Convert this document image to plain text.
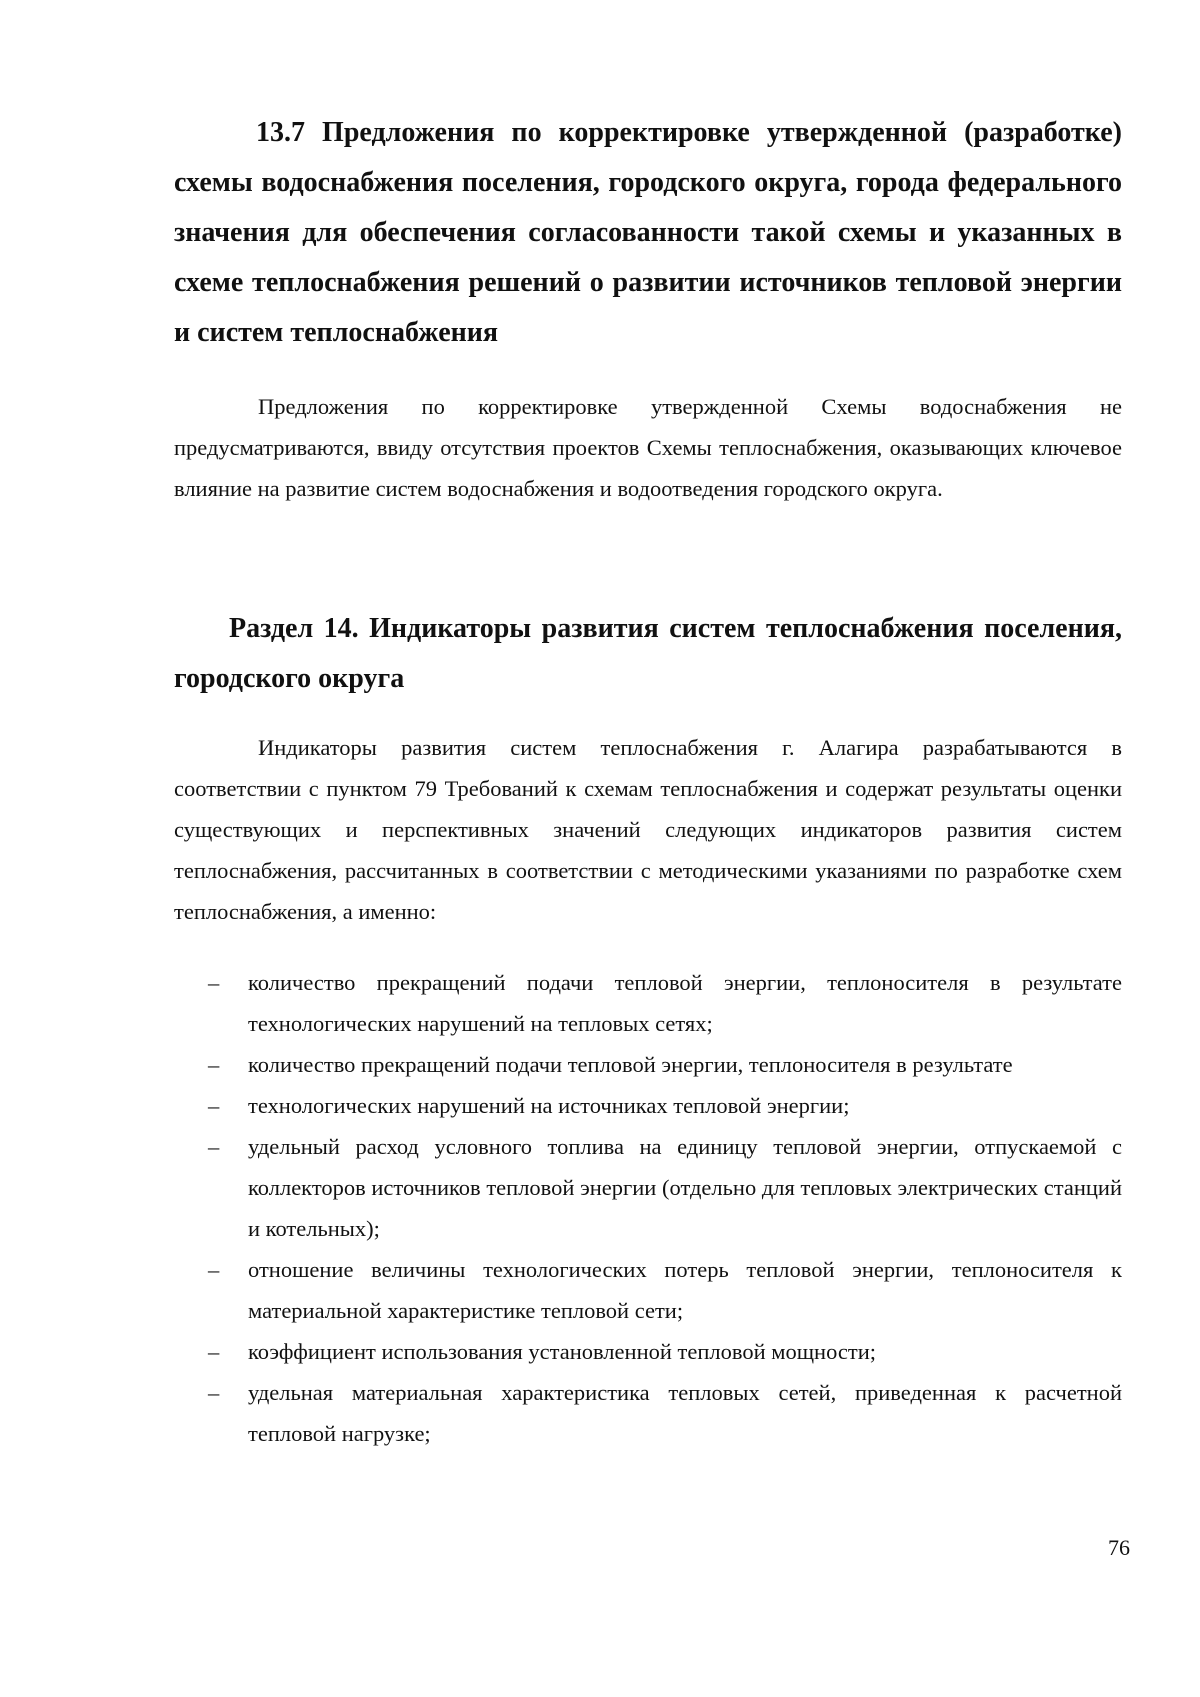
13.7 Предложения по корректировке утвержденной (разработке) схемы водоснабжения поселения, городского округа, города федерального значения для обеспечения согласованности такой схемы и указанных в схеме теплоснабжения решений о развитии источников тепловой энергии и систем теплоснабжения

Предложения по корректировке утвержденной Схемы водоснабжения не предусматриваются, ввиду отсутствия проектов Схемы теплоснабжения, оказывающих ключевое влияние на развитие систем водоснабжения и водоотведения городского округа.

Раздел 14. Индикаторы развития систем теплоснабжения поселения, городского округа

Индикаторы развития систем теплоснабжения г. Алагира разрабатываются в соответствии с пунктом 79 Требований к схемам теплоснабжения и содержат результаты оценки существующих и перспективных значений следующих индикаторов развития систем теплоснабжения, рассчитанных в соответствии с методическими указаниями по разработке схем теплоснабжения, а именно:

–	количество прекращений подачи тепловой энергии, теплоносителя в результате технологических нарушений на тепловых сетях;
–	количество прекращений подачи тепловой энергии, теплоносителя в результате
–	технологических нарушений на источниках тепловой энергии;
–	удельный расход условного топлива на единицу тепловой энергии, отпускаемой с коллекторов источников тепловой энергии (отдельно для тепловых электрических станций и котельных);
–	отношение величины технологических потерь тепловой энергии, теплоносителя к материальной характеристике тепловой сети;
–	коэффициент использования установленной тепловой мощности;
–	удельная материальная характеристика тепловых сетей, приведенная к расчетной тепловой нагрузке;
76
